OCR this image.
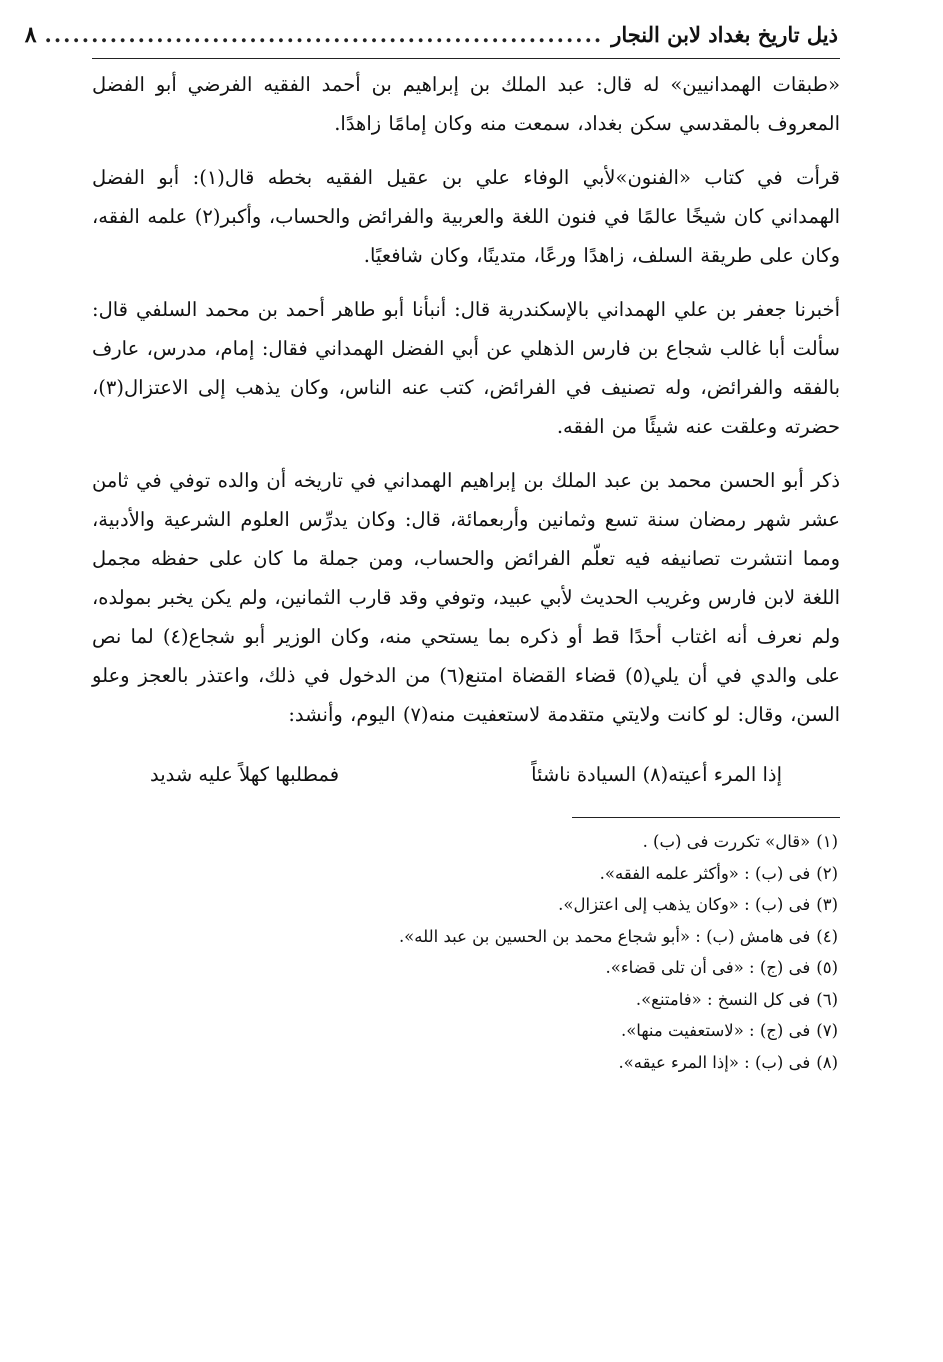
ذيل تاريخ بغداد لابن النجار
............................................................
٨

«طبقات الهمدانيين» له قال: عبد الملك بن إبراهيم بن أحمد الفقيه الفرضي أبو الفضل المعروف بالمقدسي سكن بغداد، سمعت منه وكان إمامًا زاهدًا.

قرأت في كتاب «الفنون»لأبي الوفاء علي بن عقيل الفقيه بخطه قال(١): أبو الفضل الهمداني كان شيخًا عالمًا في فنون اللغة والعربية والفرائض والحساب، وأكبر(٢) علمه الفقه، وكان على طريقة السلف، زاهدًا ورعًا، متدينًا، وكان شافعيًا.

أخبرنا جعفر بن علي الهمداني بالإسكندرية قال: أنبأنا أبو طاهر أحمد بن محمد السلفي قال: سألت أبا غالب شجاع بن فارس الذهلي عن أبي الفضل الهمداني فقال: إمام، مدرس، عارف بالفقه والفرائض، وله تصنيف في الفرائض، كتب عنه الناس، وكان يذهب إلى الاعتزال(٣)، حضرته وعلقت عنه شيئًا من الفقه.

ذكر أبو الحسن محمد بن عبد الملك بن إبراهيم الهمداني في تاريخه أن والده توفي في ثامن عشر شهر رمضان سنة تسع وثمانين وأربعمائة، قال: وكان يدرِّس العلوم الشرعية والأدبية، ومما انتشرت تصانيفه فيه تعلّم الفرائض والحساب، ومن جملة ما كان على حفظه مجمل اللغة لابن فارس وغريب الحديث لأبي عبيد، وتوفي وقد قارب الثمانين، ولم يكن يخبر بمولده، ولم نعرف أنه اغتاب أحدًا قط أو ذكره بما يستحي منه، وكان الوزير أبو شجاع(٤) لما نص على والدي في أن يلي(٥) قضاء القضاة امتنع(٦) من الدخول في ذلك، واعتذر بالعجز وعلو السن، وقال: لو كانت ولايتي متقدمة لاستعفيت منه(٧) اليوم، وأنشد:

إذا المرء أعيته(٨) السيادة ناشئاً
فمطلبها كهلاً عليه شديد
(١)«قال» تكررت فى (ب) .
(٢)فى (ب) : «وأكثر علمه الفقه».
(٣)فى (ب) : «وكان يذهب إلى اعتزال».
(٤)فى هامش (ب) : «أبو شجاع محمد بن الحسين بن عبد الله».
(٥)فى (ج) : «فى أن تلى قضاء».
(٦)فى كل النسخ : «فامتنع».
(٧)فى (ج) : «لاستعفيت منها».
(٨)فى (ب) : «إذا المرء عيقه».
